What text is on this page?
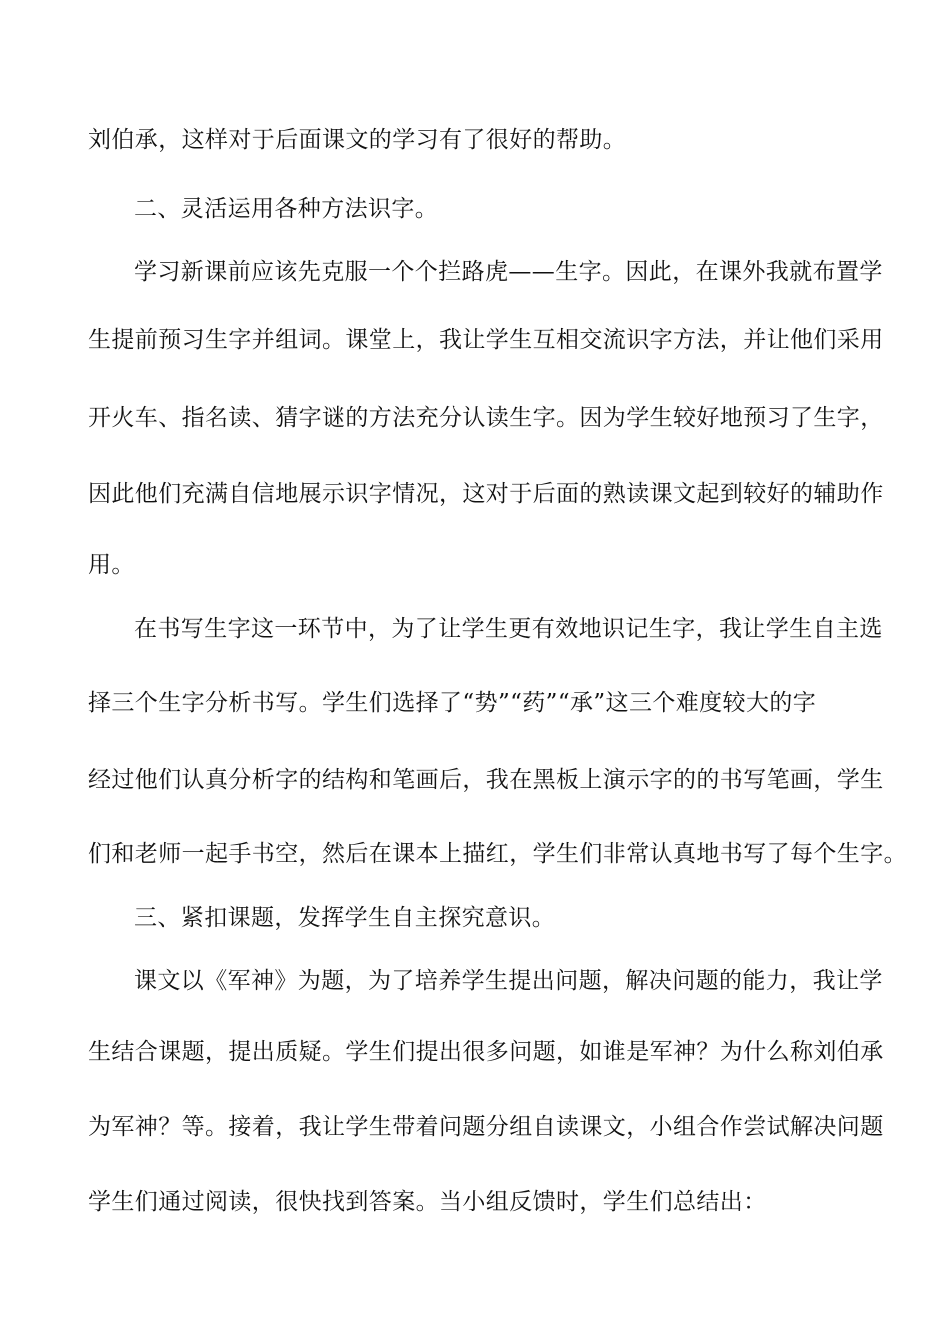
刘伯承，这样对于后面课文的学习有了很好的帮助。
二、灵活运用各种方法识字。
学习新课前应该先克服一个个拦路虎——生字。因此，在课外我就布置学
生提前预习生字并组词。课堂上，我让学生互相交流识字方法，并让他们采用
开火车、指名读、猜字谜的方法充分认读生字。因为学生较好地预习了生字，
因此他们充满自信地展示识字情况，这对于后面的熟读课文起到较好的辅助作
用。
在书写生字这一环节中，为了让学生更有效地识记生字，我让学生自主选
择三个生字分析书写。学生们选择了“势”“药”“承”这三个难度较大的字
经过他们认真分析字的结构和笔画后，我在黑板上演示字的的书写笔画，学生
们和老师一起手书空，然后在课本上描红，学生们非常认真地书写了每个生字。
三、紧扣课题，发挥学生自主探究意识。
课文以《军神》为题，为了培养学生提出问题，解决问题的能力，我让学
生结合课题，提出质疑。学生们提出很多问题，如谁是军神？为什么称刘伯承
为军神？等。接着，我让学生带着问题分组自读课文，小组合作尝试解决问题
学生们通过阅读，很快找到答案。当小组反馈时，学生们总结出：
